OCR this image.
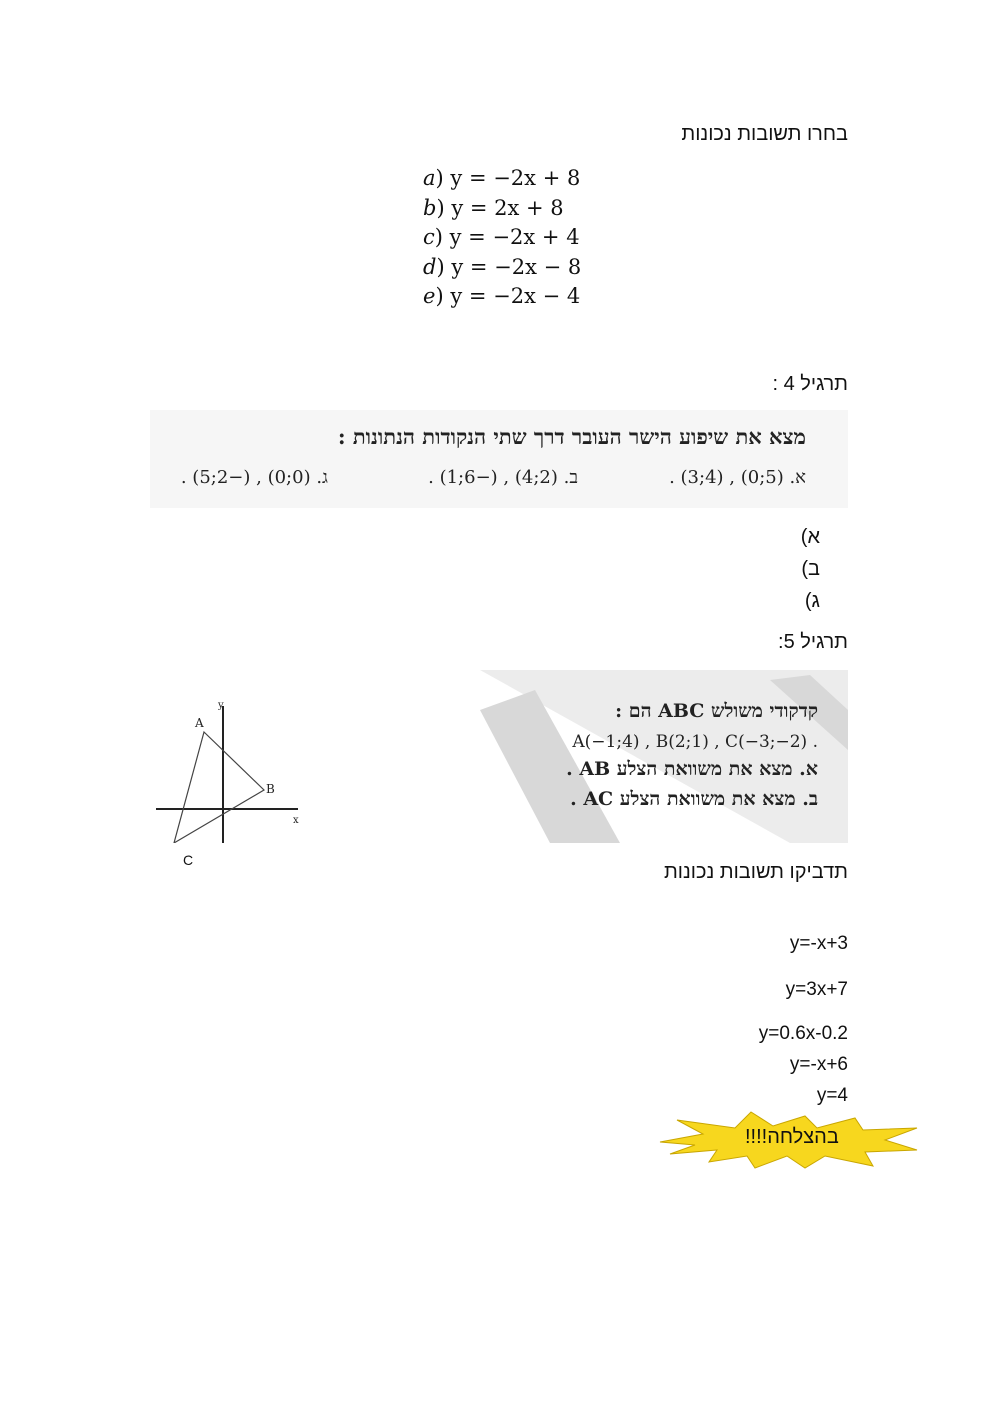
בחרו תשובות נכונות
a) y = −2x + 8
b) y = 2x + 8
c) y = −2x + 4
d) y = −2x − 8
e) y = −2x − 4
תרגיל 4 :
מצא את שיפוע הישר העובר דרך שתי הנקודות הנתונות :
א. (5;0) , (4;3) .
ב. (2;4) , (−6;1) .
ג. (0;0) , (−2;5) .
א)
ב)
ג)
תרגיל 5:
קדקודי משולש ABC הם :
A(−1;4) , B(2;1) , C(−3;−2) .
א. מצא את משוואת הצלע AB .
ב. מצא את משוואת הצלע AC .
A
B
y
x
C
תדביקו תשובות נכונות
y=-x+3
y=3x+7
y=0.6x-0.2
y=-x+6
y=4
בהצלחה!!!!
